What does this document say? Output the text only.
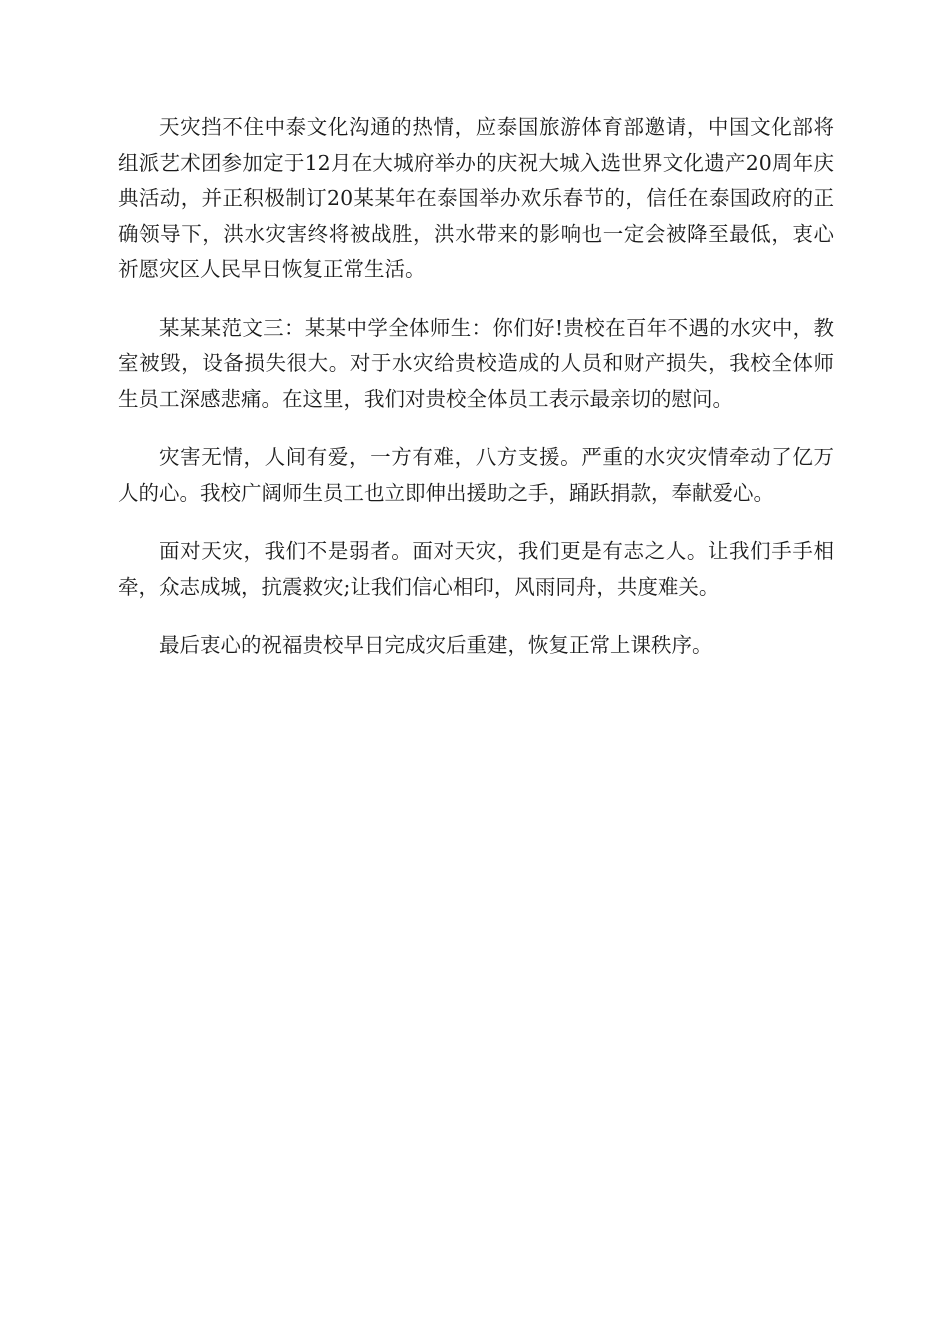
天灾挡不住中泰文化沟通的热情，应泰国旅游体育部邀请，中国文化部将组派艺术团参加定于12月在大城府举办的庆祝大城入选世界文化遗产20周年庆典活动，并正积极制订20某某年在泰国举办欢乐春节的，信任在泰国政府的正确领导下，洪水灾害终将被战胜，洪水带来的影响也一定会被降至最低，衷心祈愿灾区人民早日恢复正常生活。

某某某范文三：某某中学全体师生：你们好!贵校在百年不遇的水灾中，教室被毁，设备损失很大。对于水灾给贵校造成的人员和财产损失，我校全体师生员工深感悲痛。在这里，我们对贵校全体员工表示最亲切的慰问。

灾害无情，人间有爱，一方有难，八方支援。严重的水灾灾情牵动了亿万人的心。我校广阔师生员工也立即伸出援助之手，踊跃捐款，奉献爱心。

面对天灾，我们不是弱者。面对天灾，我们更是有志之人。让我们手手相牵，众志成城，抗震救灾;让我们信心相印，风雨同舟，共度难关。

最后衷心的祝福贵校早日完成灾后重建，恢复正常上课秩序。
